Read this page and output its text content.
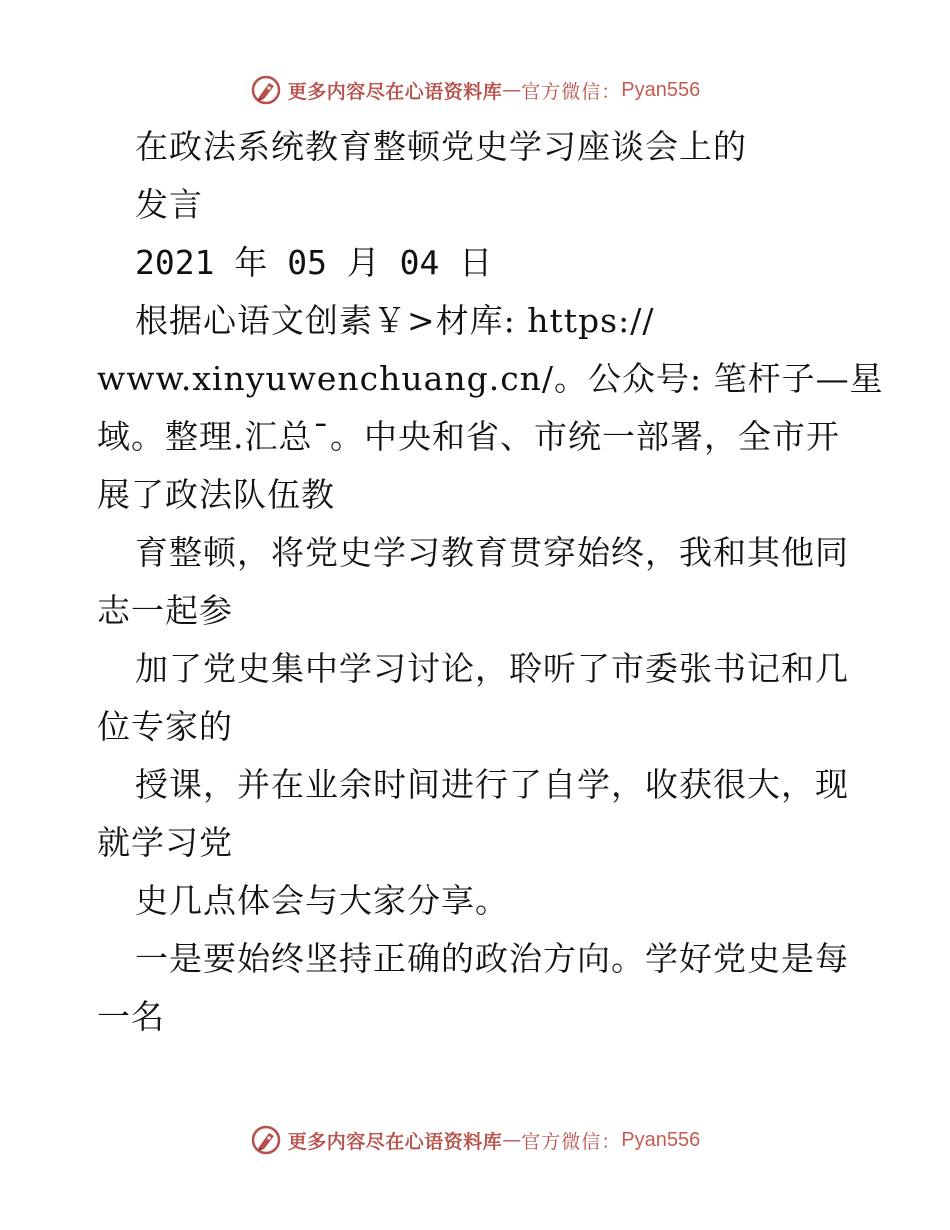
更多内容尽在心语资料库 — 官方微信： Pyan556
在政法系统教育整顿党史学习座谈会上的
发言
2021 年 05 月 04 日
根据心语文创素￥>材库: https://
www.xinyuwenchuang.cn/。公众号: 笔杆子—星
域。整理.汇总¯。中央和省、市统一部署，全市开
展了政法队伍教
育整顿，将党史学习教育贯穿始终，我和其他同
志一起参
加了党史集中学习讨论，聆听了市委张书记和几
位专家的
授课，并在业余时间进行了自学，收获很大，现
就学习党
史几点体会与大家分享。
一是要始终坚持正确的政治方向。学好党史是每
一名
更多内容尽在心语资料库 — 官方微信： Pyan556
